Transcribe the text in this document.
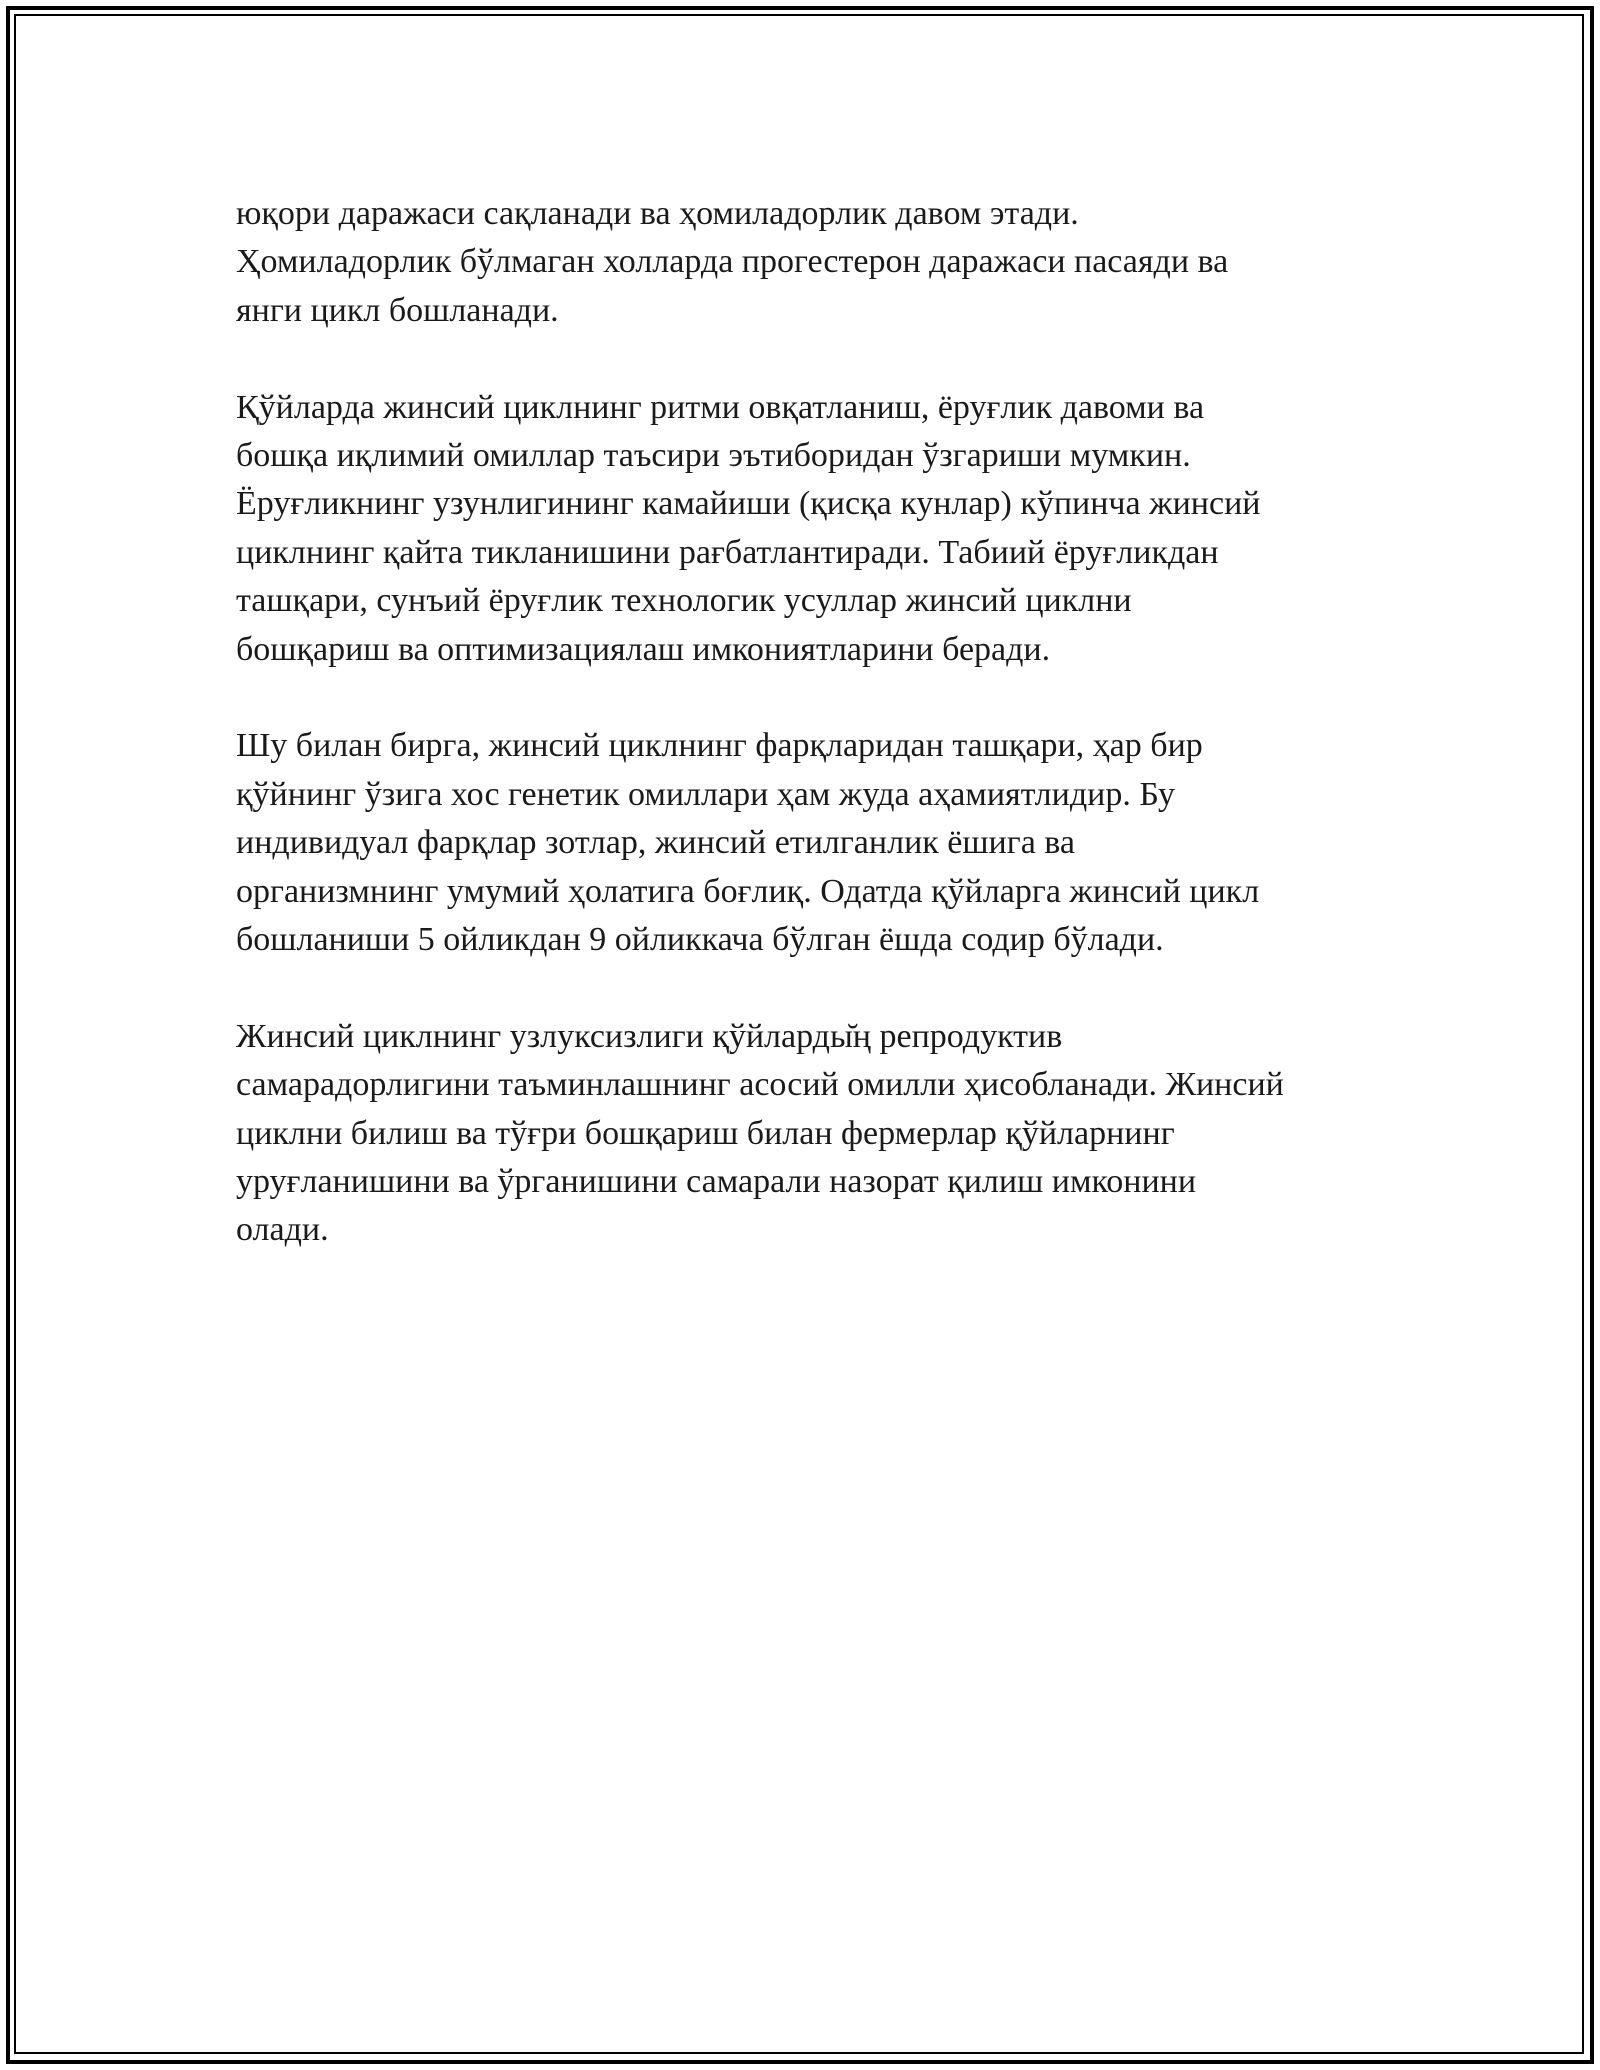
юқори даражаси сақланади ва ҳомиладорлик давом этади.
Ҳомиладорлик бўлмаган холларда прогестерон даражаси пасаяди ва
янги цикл бошланади.

Қўйларда жинсий циклнинг ритми овқатланиш, ёруғлик давоми ва
бошқа иқлимий омиллар таъсири эътиборидан ўзгариши мумкин.
Ёруғликнинг узунлигининг камайиши (қисқа кунлар) кўпинча жинсий
циклнинг қайта тикланишини рағбатлантиради. Табиий ёруғликдан
ташқари, сунъий ёруғлик технологик усуллар жинсий циклни
бошқариш ва оптимизациялаш имкониятларини беради.

Шу билан бирга, жинсий циклнинг фарқларидан ташқари, ҳар бир
қўйнинг ўзига хос генетик омиллари ҳам жуда аҳамиятлидир. Бу
индивидуал фарқлар зотлар, жинсий етилганлик ёшига ва
организмнинг умумий ҳолатига боғлиқ. Одатда қўйларга жинсий цикл
бошланиши 5 ойликдан 9 ойликкача бўлган ёшда содир бўлади.

Жинсий циклнинг узлуксизлиги қўйларды̆ң репродуктив
самарадорлигини таъминлашнинг асосий омилли ҳисобланади. Жинсий
циклни билиш ва тўғри бошқариш билан фермерлар қўйларнинг
уруғланишини ва ўрганишини самарали назорат қилиш имконини
олади.
